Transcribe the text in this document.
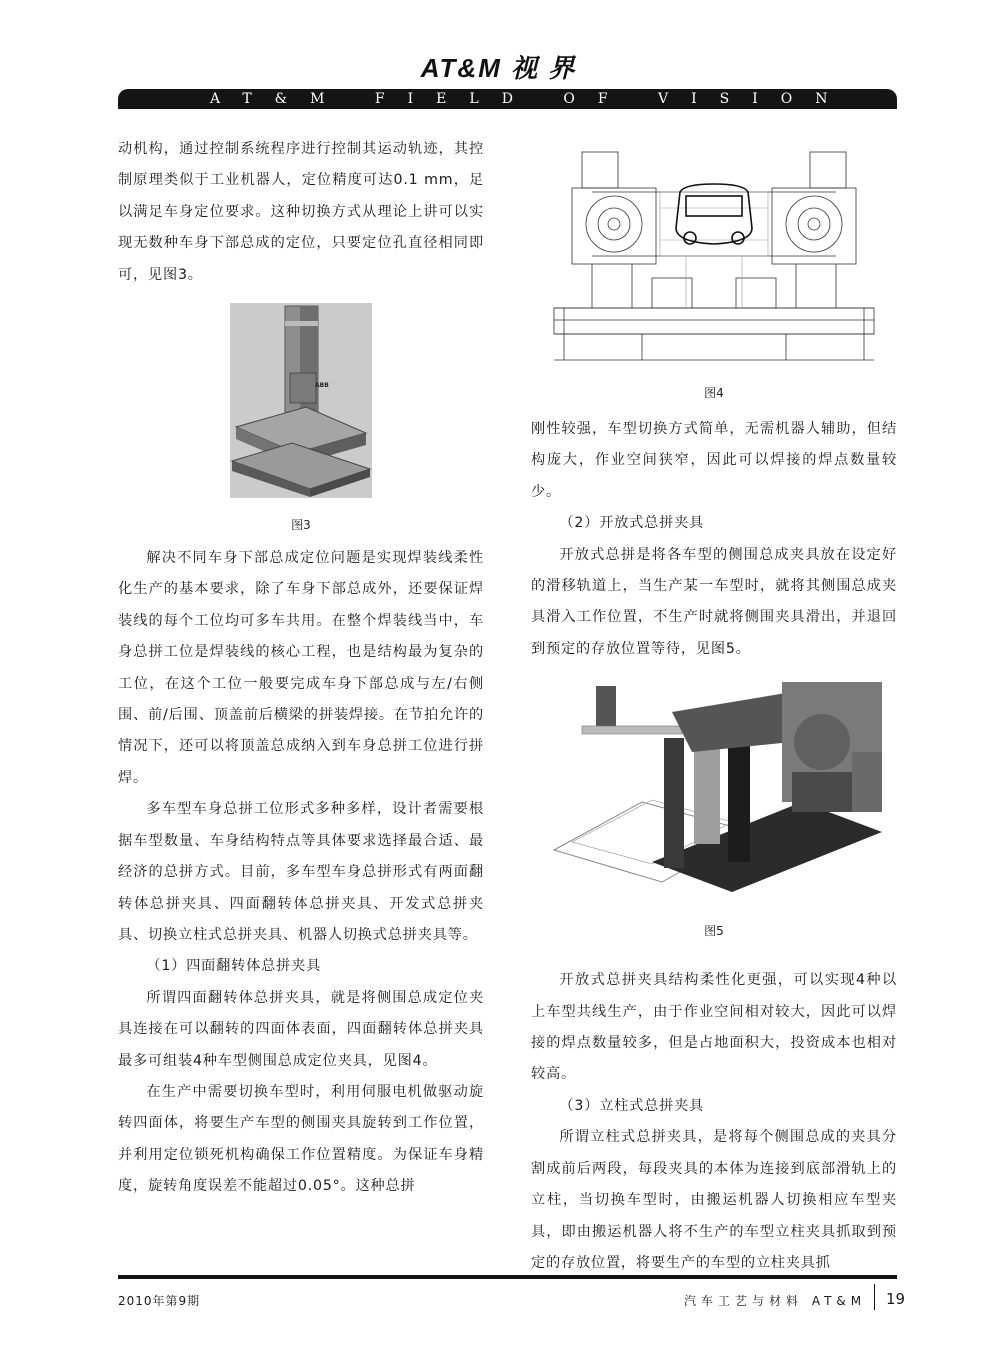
AT&M 视 界
AT&M FIELD OF VISION

动机构，通过控制系统程序进行控制其运动轨迹，其控制原理类似于工业机器人，定位精度可达0.1 mm，足以满足车身定位要求。这种切换方式从理论上讲可以实现无数种车身下部总成的定位，只要定位孔直径相同即可，见图3。

解决不同车身下部总成定位问题是实现焊装线柔性化生产的基本要求，除了车身下部总成外，还要保证焊装线的每个工位均可多车共用。在整个焊装线当中，车身总拼工位是焊装线的核心工程，也是结构最为复杂的工位，在这个工位一般要完成车身下部总成与左/右侧围、前/后围、顶盖前后横梁的拼装焊接。在节拍允许的情况下，还可以将顶盖总成纳入到车身总拼工位进行拼焊。

多车型车身总拼工位形式多种多样，设计者需要根据车型数量、车身结构特点等具体要求选择最合适、最经济的总拼方式。目前，多车型车身总拼形式有两面翻转体总拼夹具、四面翻转体总拼夹具、开发式总拼夹具、切换立柱式总拼夹具、机器人切换式总拼夹具等。

（1）四面翻转体总拼夹具

所谓四面翻转体总拼夹具，就是将侧围总成定位夹具连接在可以翻转的四面体表面，四面翻转体总拼夹具最多可组装4种车型侧围总成定位夹具，见图4。

在生产中需要切换车型时，利用伺服电机做驱动旋转四面体，将要生产车型的侧围夹具旋转到工作位置，并利用定位锁死机构确保工作位置精度。为保证车身精度，旋转角度误差不能超过0.05°。这种总拼

ABB
图3
图4

刚性较强，车型切换方式简单，无需机器人辅助，但结构庞大，作业空间狭窄，因此可以焊接的焊点数量较少。

（2）开放式总拼夹具

开放式总拼是将各车型的侧围总成夹具放在设定好的滑移轨道上，当生产某一车型时，就将其侧围总成夹具滑入工作位置，不生产时就将侧围夹具滑出，并退回到预定的存放位置等待，见图5。

开放式总拼夹具结构柔性化更强，可以实现4种以上车型共线生产，由于作业空间相对较大，因此可以焊接的焊点数量较多，但是占地面积大，投资成本也相对较高。

（3）立柱式总拼夹具

所谓立柱式总拼夹具，是将每个侧围总成的夹具分割成前后两段，每段夹具的本体为连接到底部滑轨上的立柱，当切换车型时，由搬运机器人切换相应车型夹具，即由搬运机器人将不生产的车型立柱夹具抓取到预定的存放位置，将要生产的车型的立柱夹具抓

图5
2010年第9期	汽车工艺与材料 AT&M 19
